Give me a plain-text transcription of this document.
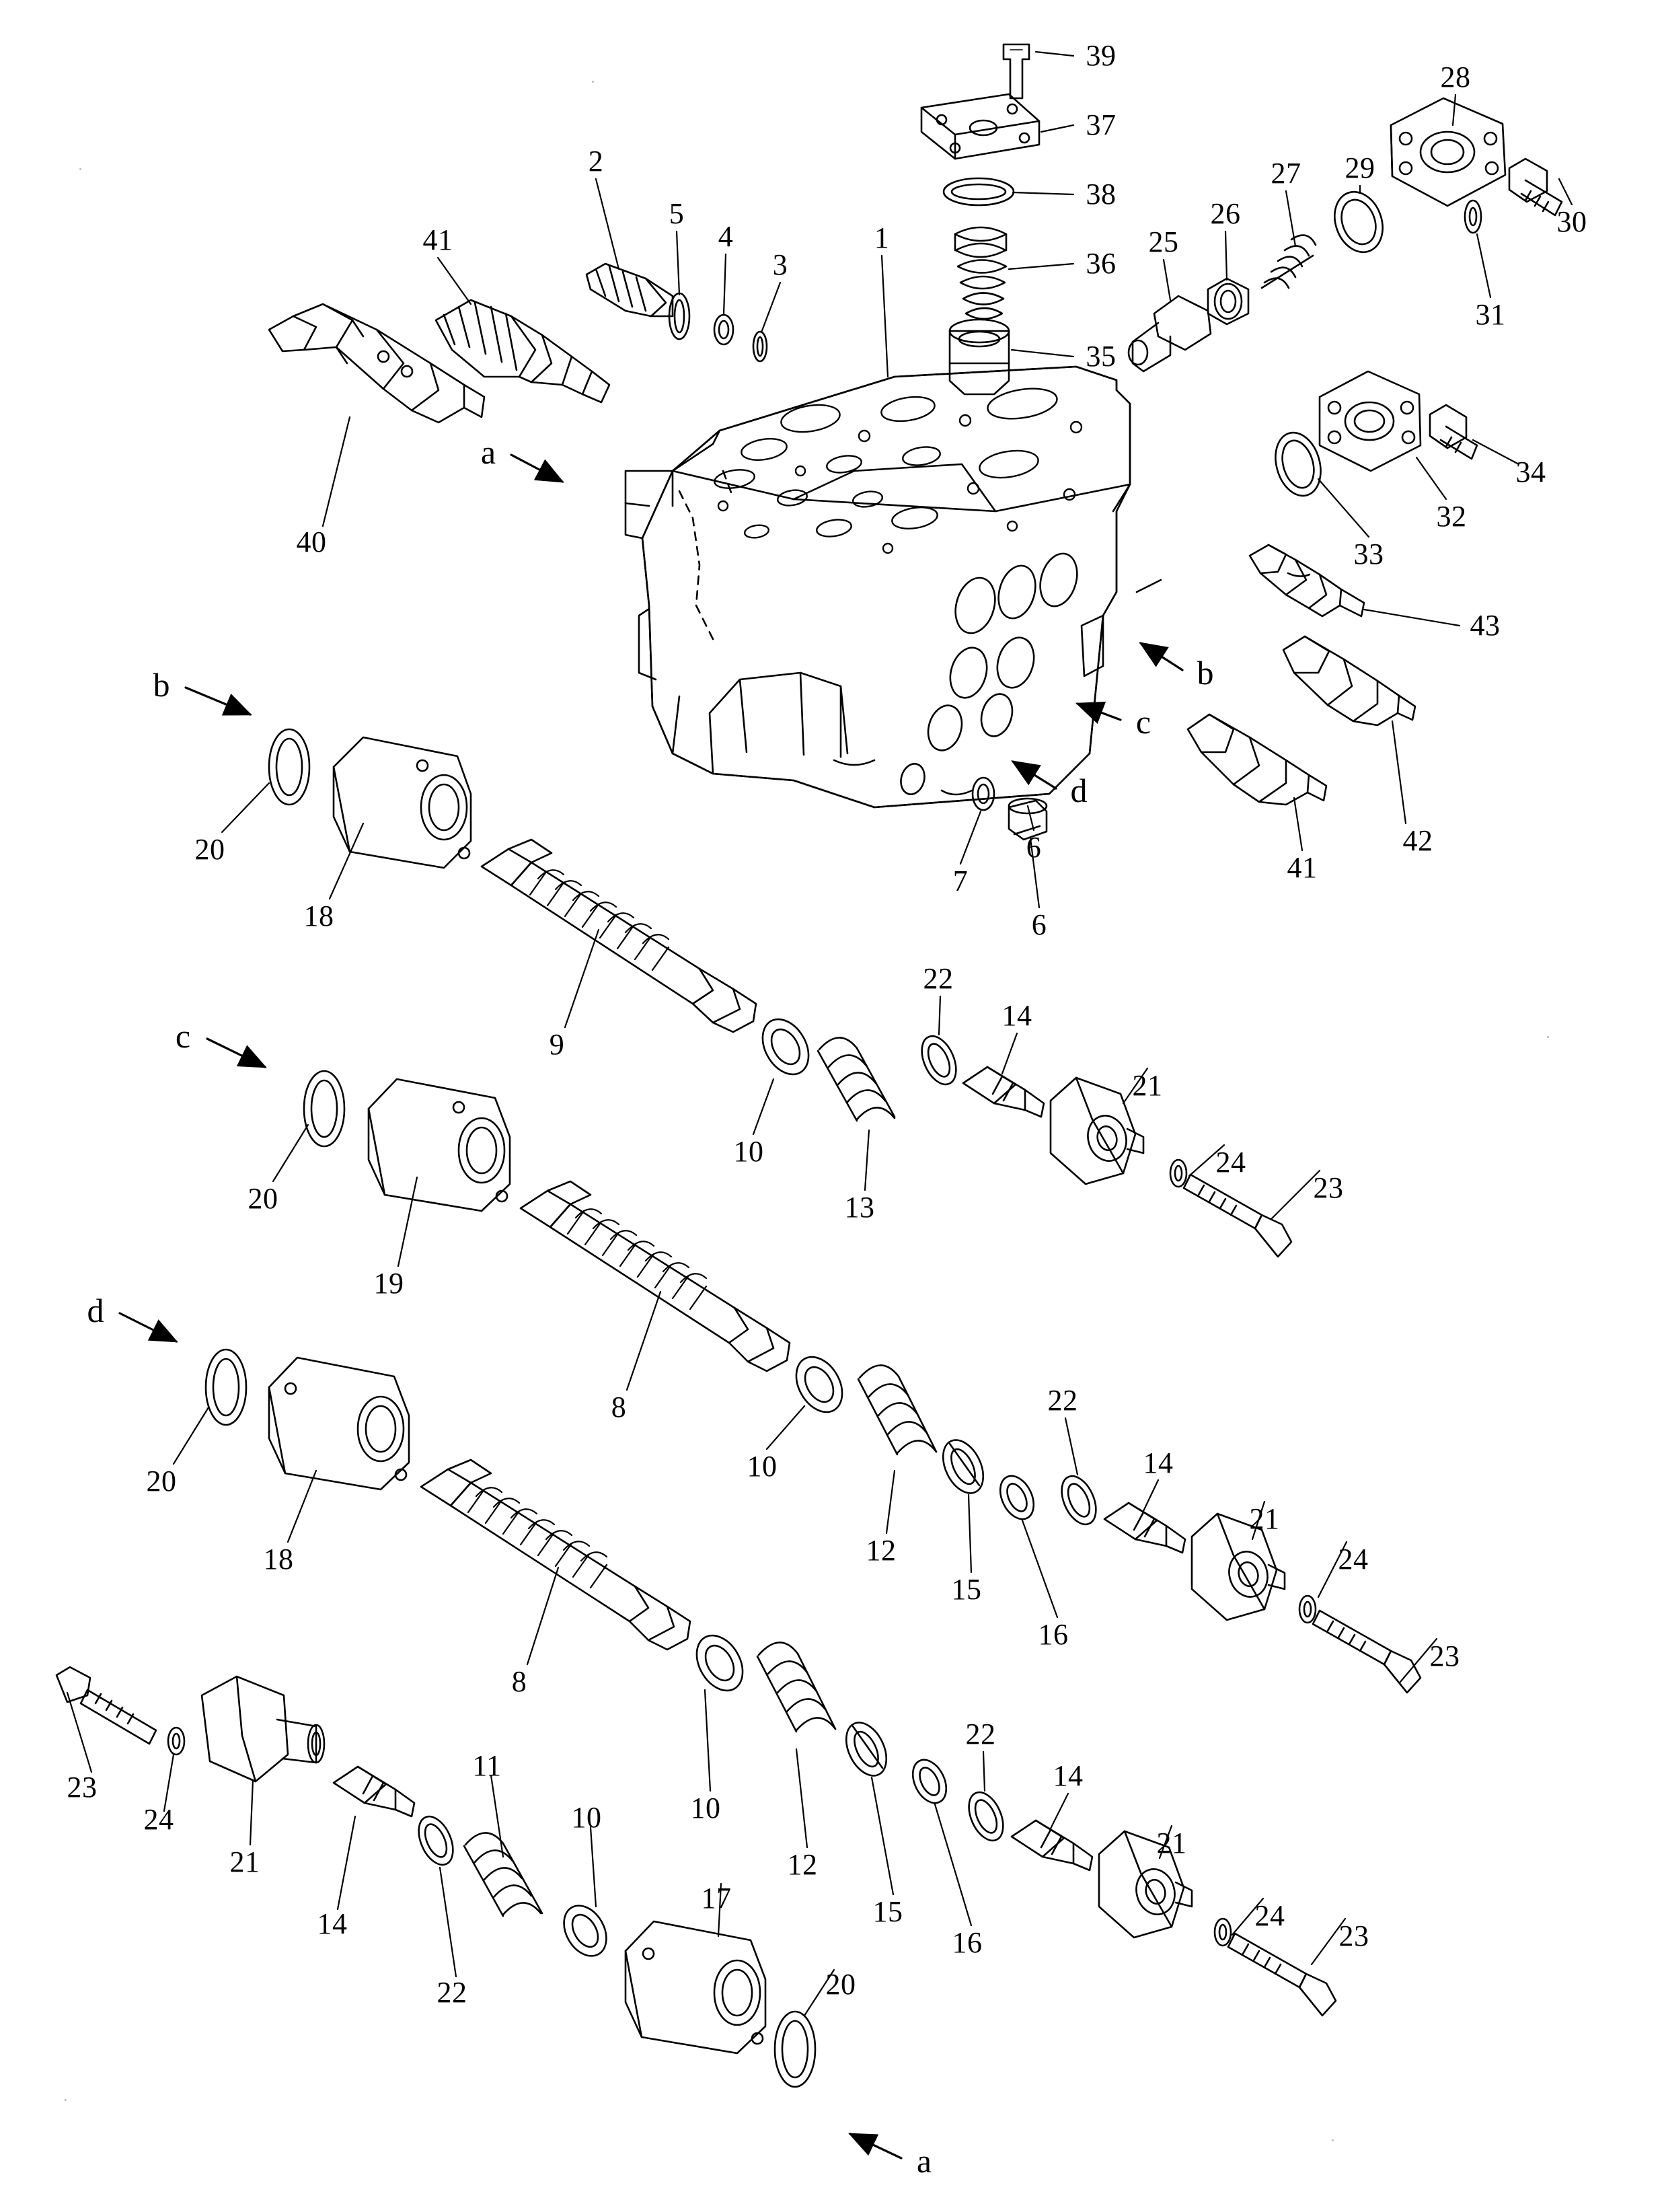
a
b
c
d
b
c
d
a
39
37
38
36
35
2
5
4
3
1
41
40
25
26
27 29
28
30
31
34
32
33
43
42
41
20
18
9
10
13
22
14
21
24
23
20
19
8
10
12
15
16
22
14
21
24
23
20
18
8
10
12
15
16
22
14
21
24
23
23
24
21
14
22
11
10
17
20
6
6
7
